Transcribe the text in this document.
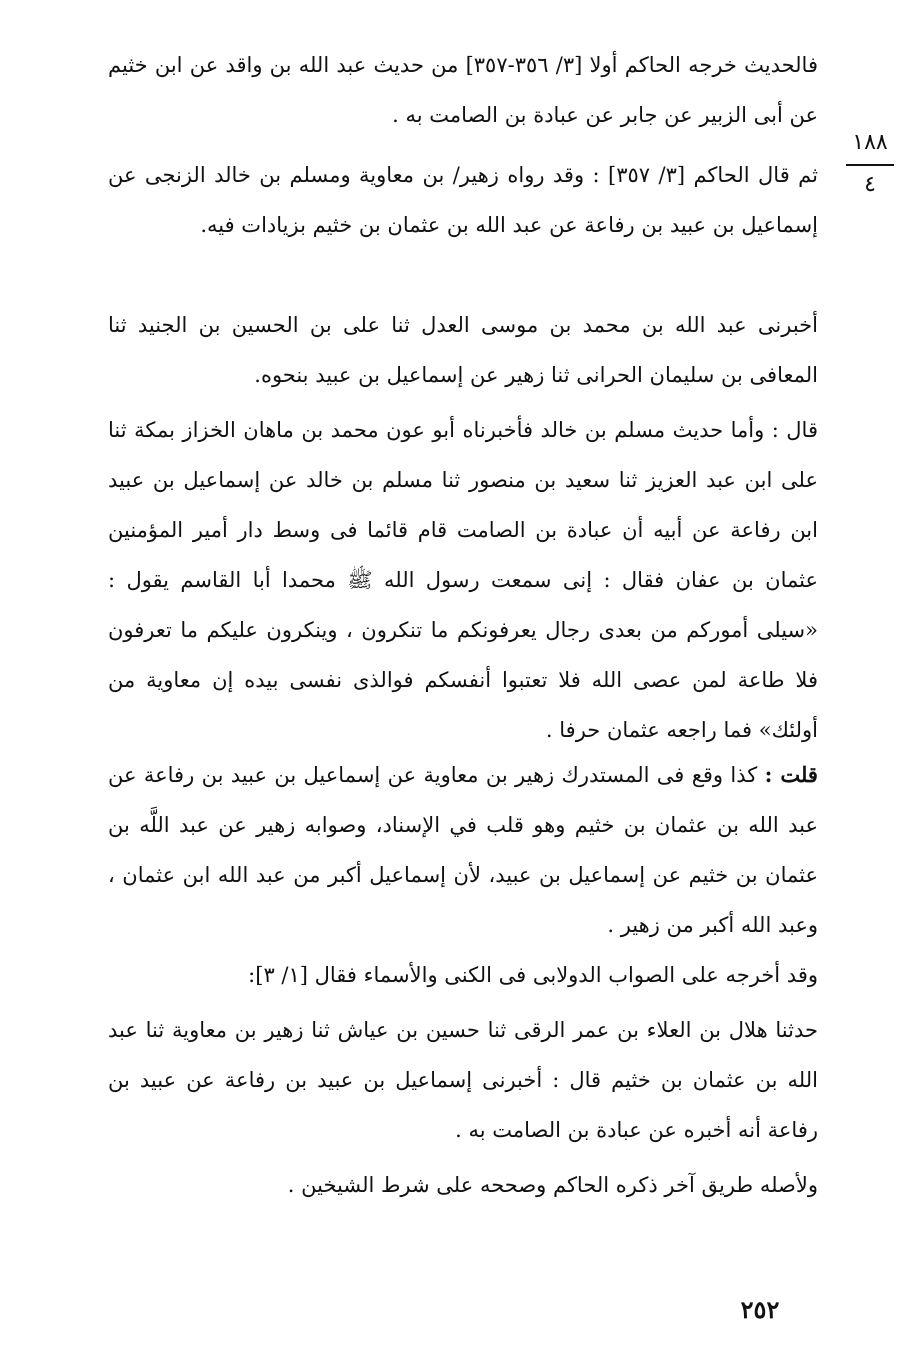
١٨٨
٤

فالحديث خرجه الحاكم أولا [٣/ ٣٥٦-٣٥٧] من حديث عبد الله بن واقد عن ابن خثيم عن أبى الزبير عن جابر عن عبادة بن الصامت به .

ثم قال الحاكم [٣/ ٣٥٧] : وقد رواه زهير/ بن معاوية ومسلم بن خالد الزنجى عن إسماعيل بن عبيد بن رفاعة عن عبد الله بن عثمان بن خثيم بزيادات فيه.

أخبرنى عبد الله بن محمد بن موسى العدل ثنا على بن الحسين بن الجنيد ثنا المعافى بن سليمان الحرانى ثنا زهير عن إسماعيل بن عبيد بنحوه.

قال : وأما حديث مسلم بن خالد فأخبرناه أبو عون محمد بن ماهان الخزاز بمكة ثنا على ابن عبد العزيز ثنا سعيد بن منصور ثنا مسلم بن خالد عن إسماعيل بن عبيد ابن رفاعة عن أبيه أن عبادة بن الصامت قام قائما فى وسط دار أمير المؤمنين عثمان بن عفان فقال : إنى سمعت رسول الله ﷺ محمدا أبا القاسم يقول : «سيلى أموركم من بعدى رجال يعرفونكم ما تنكرون ، وينكرون عليكم ما تعرفون فلا طاعة لمن عصى الله فلا تعتبوا أنفسكم فوالذى نفسى بيده إن معاوية من أولئك» فما راجعه عثمان حرفا .

قلت : كذا وقع فى المستدرك زهير بن معاوية عن إسماعيل بن عبيد بن رفاعة عن عبد الله بن عثمان بن خثيم وهو قلب في الإسناد، وصوابه زهير عن عبد اللَّه بن عثمان بن خثيم عن إسماعيل بن عبيد، لأن إسماعيل أكبر من عبد الله ابن عثمان ، وعبد الله أكبر من زهير .

وقد أخرجه على الصواب الدولابى فى الكنى والأسماء فقال [١/ ٣]:

حدثنا هلال بن العلاء بن عمر الرقى ثنا حسين بن عياش ثنا زهير بن معاوية ثنا عبد الله بن عثمان بن خثيم قال : أخبرنى إسماعيل بن عبيد بن رفاعة عن عبيد بن رفاعة أنه أخبره عن عبادة بن الصامت به .

ولأصله طريق آخر ذكره الحاكم وصححه على شرط الشيخين .

٢٥٢
